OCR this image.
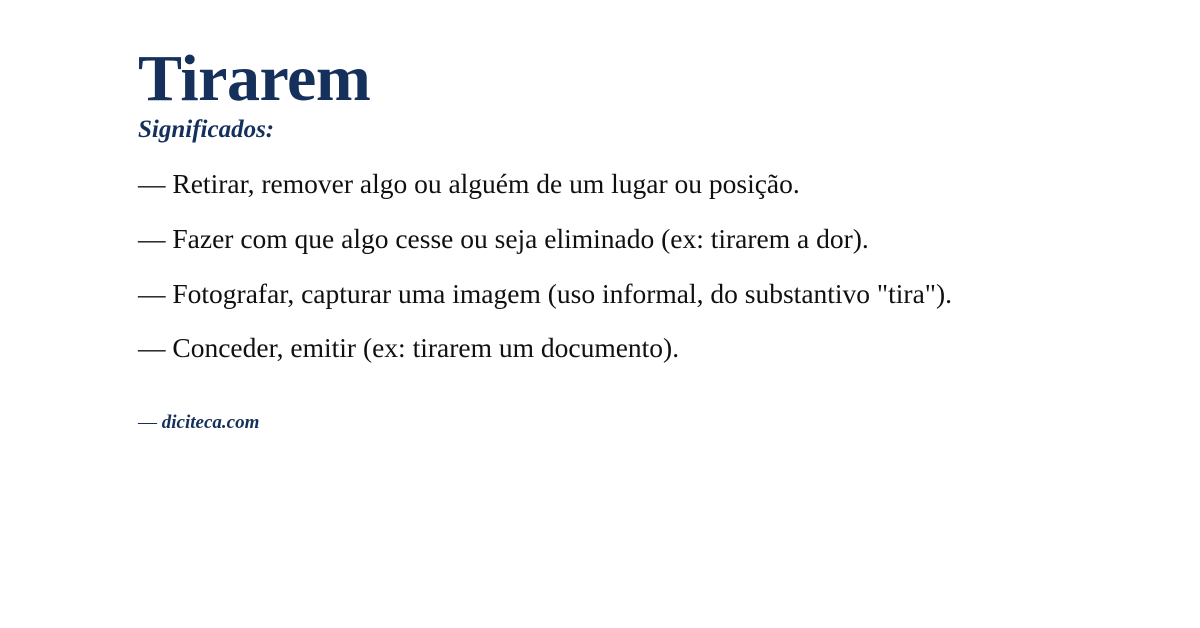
Tirarem
Significados:
— Retirar, remover algo ou alguém de um lugar ou posição.
— Fazer com que algo cesse ou seja eliminado (ex: tirarem a dor).
— Fotografar, capturar uma imagem (uso informal, do substantivo "tira").
— Conceder, emitir (ex: tirarem um documento).
— diciteca.com
